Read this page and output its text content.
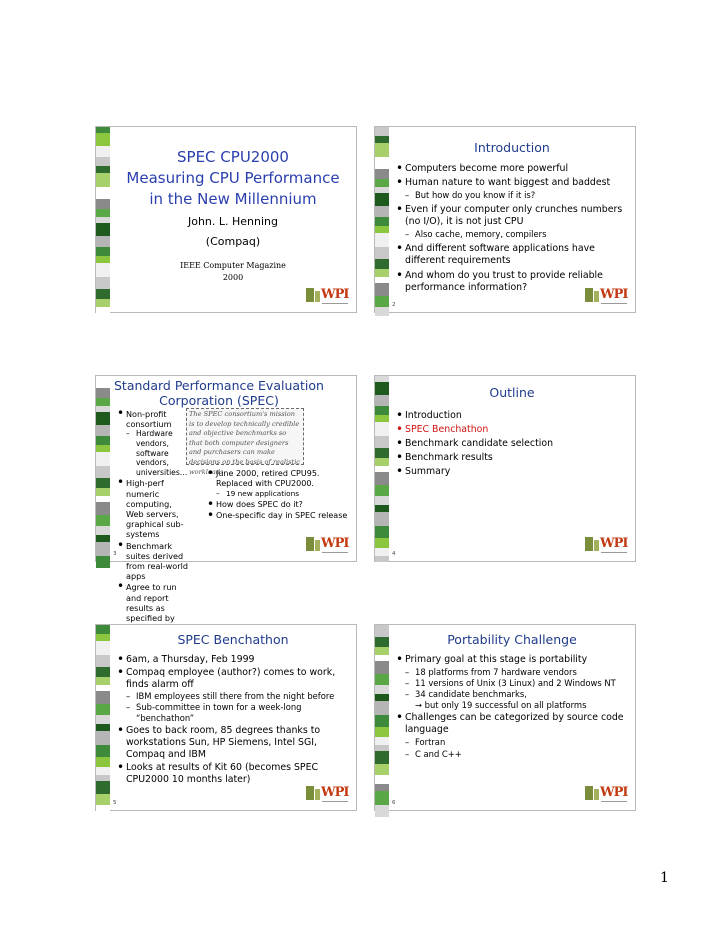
SPEC CPU2000
Measuring CPU Performance
in the New Millennium
John. L. Henning
(Compaq)
IEEE Computer Magazine
2000
WPI
Introduction
• Computers become more powerful
• Human nature to want biggest and baddest
– But how do you know if it is?
• Even if your computer only crunches numbers (no I/O), it is not just CPU
– Also cache, memory, compilers
• And different software applications have different requirements
• And whom do you trust to provide reliable performance information?
2
WPI
Standard Performance Evaluation Corporation (SPEC)
• Non-profit consortium
– Hardware vendors, software vendors, universities…
• High-perf numeric computing, Web servers, graphical sub-systems
• Benchmark suites derived from real-world apps
• Agree to run and report results as specified by
The SPEC consortium's mission is to develop technically credible and objective benchmarks so that both computer designers and purchasers can make decisions on the basis of realistic workloads.
• June 2000, retired CPU95. Replaced with CPU2000.
– 19 new applications
• How does SPEC do it?
• One-specific day in SPEC release
3
WPI
Outline
• Introduction
• SPEC Benchathon
• Benchmark candidate selection
• Benchmark results
• Summary
4
WPI
SPEC Benchathon
• 6am, a Thursday, Feb 1999
• Compaq employee (author?) comes to work, finds alarm off
– IBM employees still there from the night before
– Sub-committee in town for a week-long “benchathon”
• Goes to back room, 85 degrees thanks to workstations Sun, HP Siemens, Intel SGI, Compaq and IBM
• Looks at results of Kit 60 (becomes SPEC CPU2000 10 months later)
5
WPI
Portability Challenge
• Primary goal at this stage is portability
– 18 platforms from 7 hardware vendors
– 11 versions of Unix (3 Linux) and 2 Windows NT
– 34 candidate benchmarks,
→ but only 19 successful on all platforms
• Challenges can be categorized by source code language
– Fortran
– C and C++
6
WPI
1
